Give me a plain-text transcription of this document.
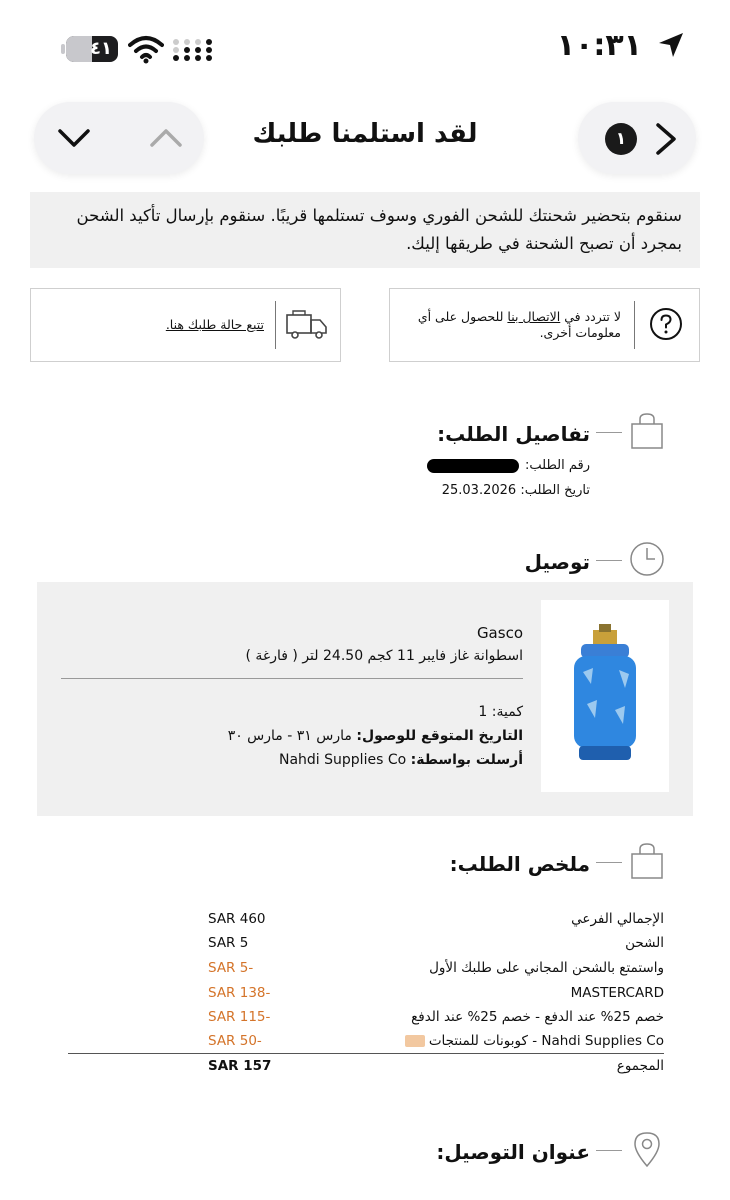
٤١	١٠:٣١
لقد استلمنا طلبك	١
سنقوم بتحضير شحنتك للشحن الفوري وسوف تستلمها قريبًا. سنقوم بإرسال تأكيد الشحن بمجرد أن تصبح الشحنة في طريقها إليك.
لا تتردد في الاتصال بنا للحصول على أي معلومات أخرى.
تتبع حالة طلبك هنا.
تفاصيل الطلب:
رقم الطلب:
تاريخ الطلب: 25.03.2026
توصيل
Gasco
اسطوانة غاز فايبر 11 كجم 24.50 لتر ( فارغة )
كمية: 1
التاريخ المتوقع للوصول: مارس ٣١ - مارس ٣٠
أرسلت بواسطة: Nahdi Supplies Co
ملخص الطلب:
الإجمالي الفرعي
SAR 460
الشحن
SAR 5
واستمتع بالشحن المجاني على طلبك الأول
SAR 5-
MASTERCARD
SAR 138-
خصم 25% عند الدفع - خصم 25% عند الدفع
SAR 115-
Nahdi Supplies Co - كوبونات للمنتجات
SAR 50-
المجموع
SAR 157
عنوان التوصيل:
